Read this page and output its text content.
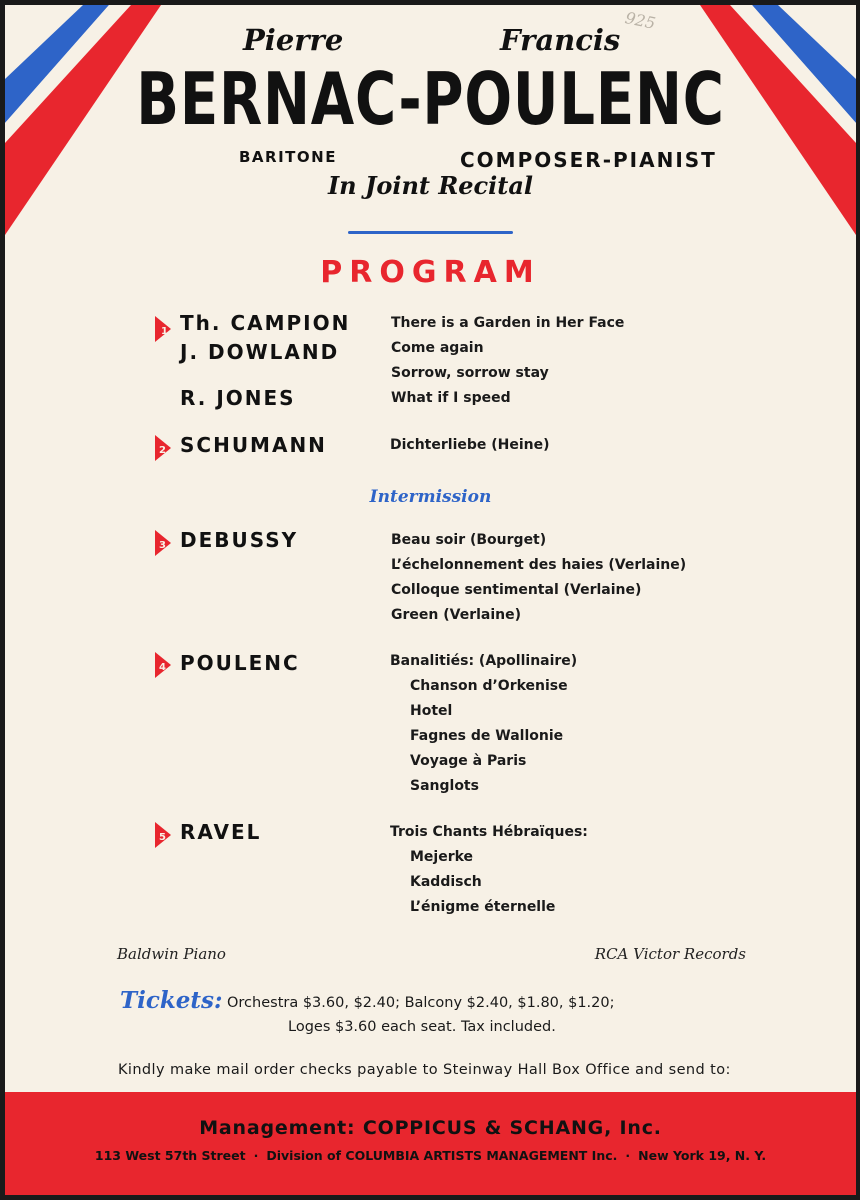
925
Pierre	Francis
BERNAC-POULENC
BARITONE	COMPOSER-PIANIST
In Joint Recital
PROGRAM
1 Th. CAMPION	There is a Garden in Her Face
J. DOWLAND	Come again
Sorrow, sorrow stay
R. JONES	What if I speed
2 SCHUMANN	Dichterliebe (Heine)
Intermission
3 DEBUSSY	Beau soir (Bourget)
L’échelonnement des haies (Verlaine)
Colloque sentimental (Verlaine)
Green (Verlaine)
4 POULENC	Banalitiés: (Apollinaire)
Chanson d’Orkenise
Hotel
Fagnes de Wallonie
Voyage à Paris
Sanglots
5 RAVEL	Trois Chants Hébraïques:
Mejerke
Kaddisch
L’énigme éternelle
Baldwin Piano	RCA Victor Records
Tickets: Orchestra $3.60, $2.40; Balcony $2.40, $1.80, $1.20;
Loges $3.60 each seat. Tax included.
Kindly make mail order checks payable to Steinway Hall Box Office and send to:
Management: COPPICUS & SCHANG, Inc.
113 West 57th Street · Division of COLUMBIA ARTISTS MANAGEMENT Inc. · New York 19, N. Y.
